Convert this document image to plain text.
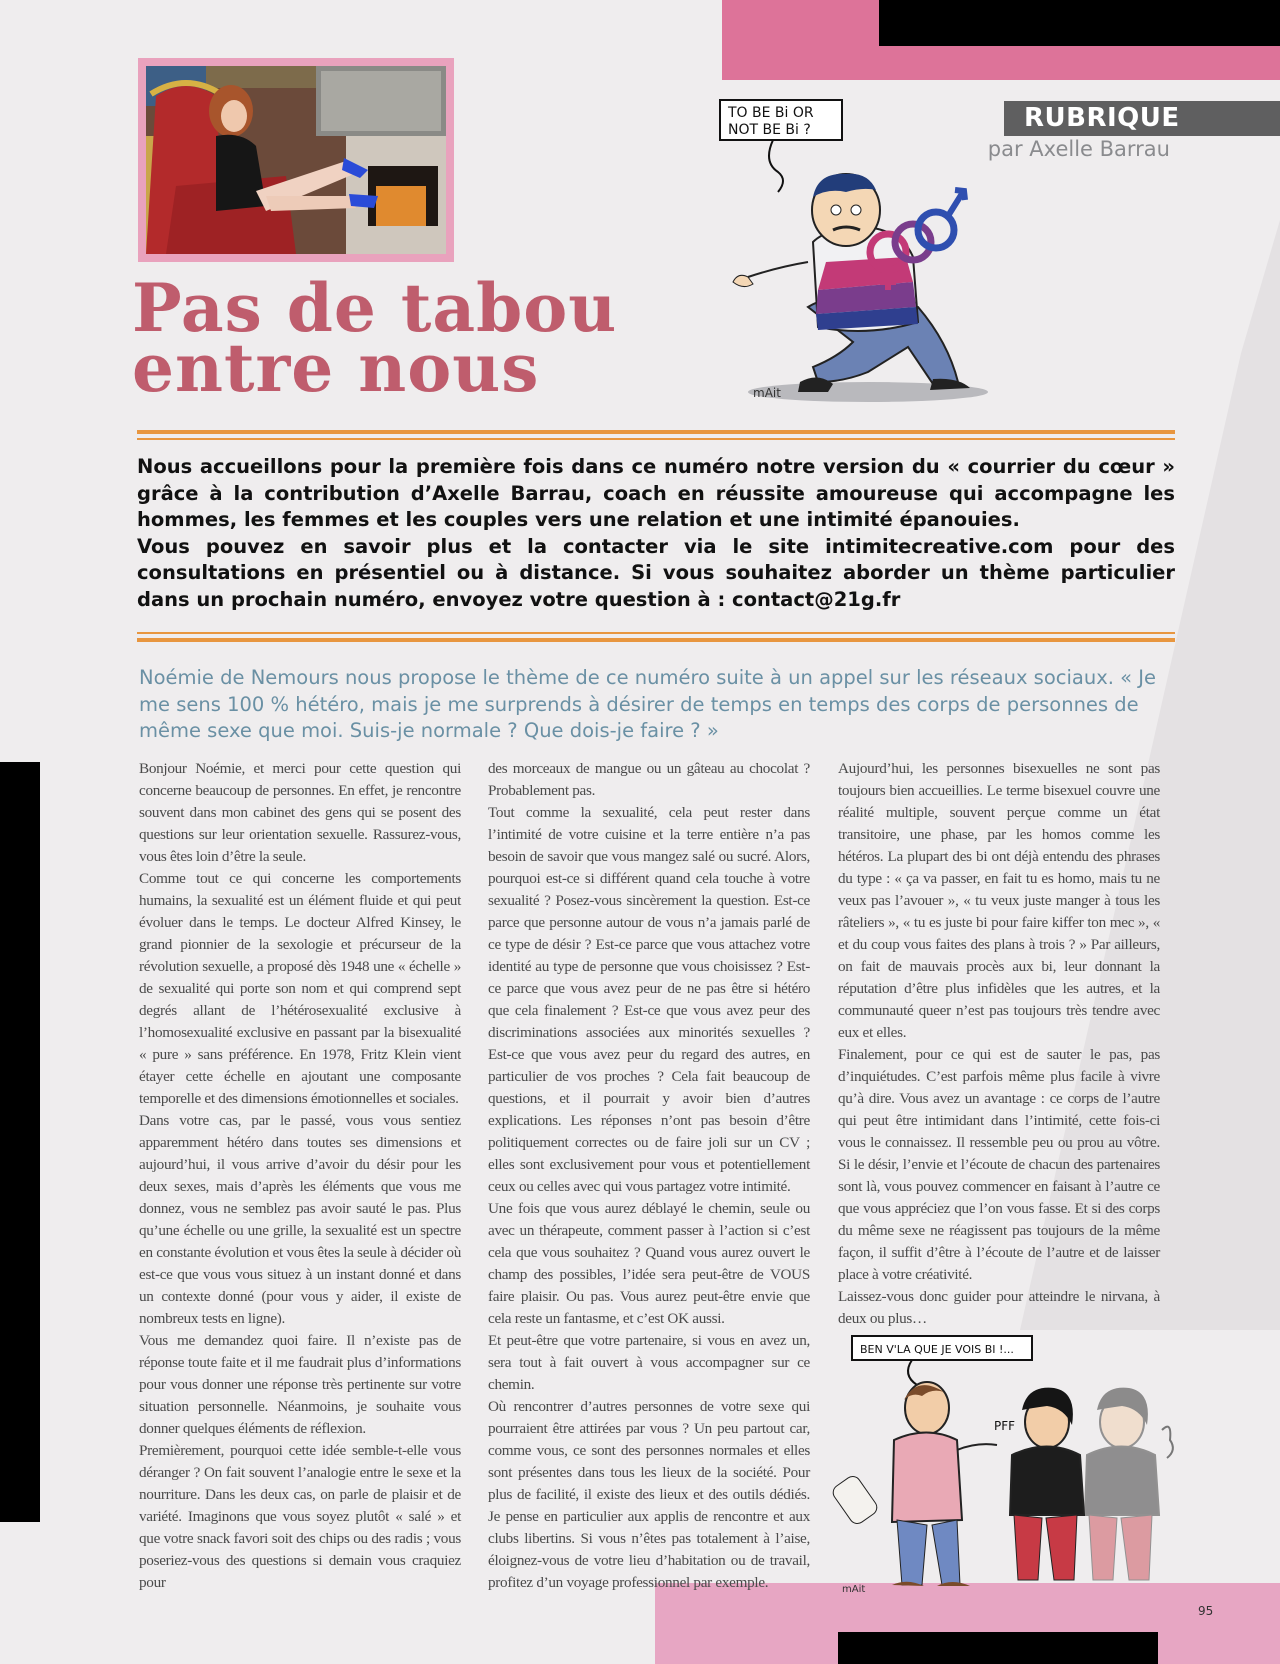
RUBRIQUE
par Axelle Barrau
Pas de tabou
entre nous
TO BE Bi OR
NOT BE Bi ?
mAit

Nous accueillons pour la première fois dans ce numéro notre version du « courrier du cœur » grâce à la contribution d’Axelle Barrau, coach en réussite amoureuse qui accompagne les hommes, les femmes et les couples vers une relation et une intimité épanouies.

Vous pouvez en savoir plus et la contacter via le site intimitecreative.com pour des consultations en présentiel ou à distance. Si vous souhaitez aborder un thème particulier dans un prochain numéro, envoyez votre question à : contact@21g.fr

Noémie de Nemours nous propose le thème de ce numéro suite à un appel sur les réseaux sociaux. « Je me sens 100 % hétéro, mais je me surprends à désirer de temps en temps des corps de personnes de même sexe que moi. Suis-je normale ? Que dois-je faire ? »

Bonjour Noémie, et merci pour cette question qui concerne beaucoup de personnes. En effet, je rencontre souvent dans mon cabinet des gens qui se posent des questions sur leur orientation sexuelle. Rassurez-vous, vous êtes loin d’être la seule.

Comme tout ce qui concerne les comportements humains, la sexualité est un élément fluide et qui peut évoluer dans le temps. Le docteur Alfred Kinsey, le grand pionnier de la sexologie et précurseur de la révolution sexuelle, a proposé dès 1948 une « échelle » de sexualité qui porte son nom et qui comprend sept degrés allant de l’hétérosexualité exclusive à l’homosexualité exclusive en passant par la bisexualité « pure » sans préférence. En 1978, Fritz Klein vient étayer cette échelle en ajoutant une composante temporelle et des dimensions émotionnelles et sociales.

Dans votre cas, par le passé, vous vous sentiez apparemment hétéro dans toutes ses dimensions et aujourd’hui, il vous arrive d’avoir du désir pour les deux sexes, mais d’après les éléments que vous me donnez, vous ne semblez pas avoir sauté le pas. Plus qu’une échelle ou une grille, la sexualité est un spectre en constante évolution et vous êtes la seule à décider où est-ce que vous vous situez à un instant donné et dans un contexte donné (pour vous y aider, il existe de nombreux tests en ligne).

Vous me demandez quoi faire. Il n’existe pas de réponse toute faite et il me faudrait plus d’informations pour vous donner une réponse très pertinente sur votre situation personnelle. Néanmoins, je souhaite vous donner quelques éléments de réflexion.

Premièrement, pourquoi cette idée semble-t-elle vous déranger ? On fait souvent l’analogie entre le sexe et la nourriture. Dans les deux cas, on parle de plaisir et de variété. Imaginons que vous soyez plutôt « salé » et que votre snack favori soit des chips ou des radis ; vous poseriez-vous des questions si demain vous craquiez pour

des morceaux de mangue ou un gâteau au chocolat ? Probablement pas.

Tout comme la sexualité, cela peut rester dans l’intimité de votre cuisine et la terre entière n’a pas besoin de savoir que vous mangez salé ou sucré. Alors, pourquoi est-ce si différent quand cela touche à votre sexualité ? Posez-vous sincèrement la question. Est-ce parce que personne autour de vous n’a jamais parlé de ce type de désir ? Est-ce parce que vous attachez votre identité au type de personne que vous choisissez ? Est-ce parce que vous avez peur de ne pas être si hétéro que cela finalement ? Est-ce que vous avez peur des discriminations associées aux minorités sexuelles ? Est-ce que vous avez peur du regard des autres, en particulier de vos proches ? Cela fait beaucoup de questions, et il pourrait y avoir bien d’autres explications. Les réponses n’ont pas besoin d’être politiquement correctes ou de faire joli sur un CV ; elles sont exclusivement pour vous et potentiellement ceux ou celles avec qui vous partagez votre intimité.

Une fois que vous aurez déblayé le chemin, seule ou avec un thérapeute, comment passer à l’action si c’est cela que vous souhaitez ? Quand vous aurez ouvert le champ des possibles, l’idée sera peut-être de VOUS faire plaisir. Ou pas. Vous aurez peut-être envie que cela reste un fantasme, et c’est OK aussi.

Et peut-être que votre partenaire, si vous en avez un, sera tout à fait ouvert à vous accompagner sur ce chemin.

Où rencontrer d’autres personnes de votre sexe qui pourraient être attirées par vous ? Un peu partout car, comme vous, ce sont des personnes normales et elles sont présentes dans tous les lieux de la société. Pour plus de facilité, il existe des lieux et des outils dédiés. Je pense en particulier aux applis de rencontre et aux clubs libertins. Si vous n’êtes pas totalement à l’aise, éloignez-vous de votre lieu d’habitation ou de travail, profitez d’un voyage professionnel par exemple.

Aujourd’hui, les personnes bisexuelles ne sont pas toujours bien accueillies. Le terme bisexuel couvre une réalité multiple, souvent perçue comme un état transitoire, une phase, par les homos comme les hétéros. La plupart des bi ont déjà entendu des phrases du type : « ça va passer, en fait tu es homo, mais tu ne veux pas l’avouer », « tu veux juste manger à tous les râteliers », « tu es juste bi pour faire kiffer ton mec », « et du coup vous faites des plans à trois ? » Par ailleurs, on fait de mauvais procès aux bi, leur donnant la réputation d’être plus infidèles que les autres, et la communauté queer n’est pas toujours très tendre avec eux et elles.

Finalement, pour ce qui est de sauter le pas, pas d’inquiétudes. C’est parfois même plus facile à vivre qu’à dire. Vous avez un avantage : ce corps de l’autre qui peut être intimidant dans l’intimité, cette fois-ci vous le connaissez. Il ressemble peu ou prou au vôtre. Si le désir, l’envie et l’écoute de chacun des partenaires sont là, vous pouvez commencer en faisant à l’autre ce que vous appréciez que l’on vous fasse. Et si des corps du même sexe ne réagissent pas toujours de la même façon, il suffit d’être à l’écoute de l’autre et de laisser place à votre créativité.

Laissez-vous donc guider pour atteindre le nirvana, à deux ou plus…

BEN V'LA QUE JE VOIS BI !...
PFF
mAit
95
